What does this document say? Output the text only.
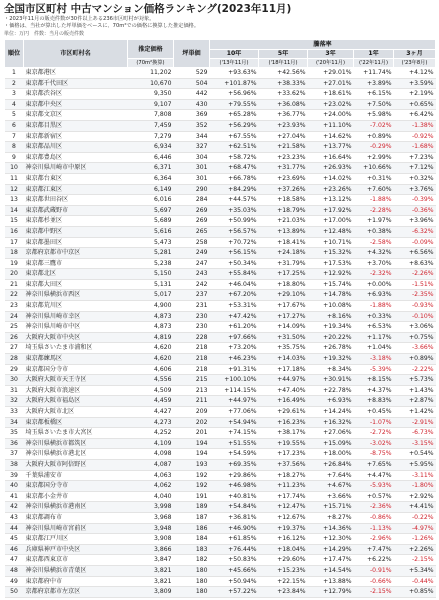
全国市区町村 中古マンション価格ランキング(2023年11月)
・2023年11月の販売件数が30件以上ある236市区町村が対象。
・価格は、当社が算出した坪単価をベースに、70m²での価格に換算した推定価格。
単位：万円　件数：当月の販売件数
順位	市区町村名	推定価格	坪単価	騰落率				
				10年	5年	3年	1年	3ヶ月
		(70m²換算)		('13年11月)	('18年11月)	('20年11月)	('22年11月)	('23年8月)
1	東京都港区	11,202	529	+93.63%	+42.56%	+29.01%	+11.74%	+4.12%
2	東京都千代田区	10,670	504	+101.87%	+38.33%	+27.01%	+3.89%	+3.59%
3	東京都渋谷区	9,350	442	+56.96%	+33.62%	+18.61%	+6.15%	+2.19%
4	東京都中央区	9,107	430	+79.55%	+36.08%	+23.02%	+7.50%	+0.65%
5	東京都文京区	7,808	369	+65.28%	+36.77%	+24.00%	+5.98%	+6.42%
6	東京都目黒区	7,459	352	+56.29%	+23.93%	+11.10%	-7.02%	-1.38%
7	東京都新宿区	7,279	344	+67.55%	+27.04%	+14.62%	+0.89%	-0.92%
8	東京都品川区	6,934	327	+62.51%	+21.58%	+13.77%	-0.29%	-1.68%
9	東京都豊島区	6,446	304	+58.72%	+23.23%	+16.64%	+2.99%	+7.23%
10	神奈川県川崎市中原区	6,371	301	+68.47%	+31.77%	+26.93%	+10.66%	+7.12%
11	東京都台東区	6,364	301	+66.78%	+23.69%	+14.02%	+0.31%	+0.32%
12	東京都江東区	6,149	290	+84.29%	+37.26%	+23.26%	+7.60%	+3.76%
13	東京都世田谷区	6,016	284	+44.57%	+18.58%	+13.12%	-1.88%	-0.39%
14	東京都武蔵野市	5,697	269	+35.03%	+18.79%	+17.92%	-2.28%	-0.36%
15	東京都杉並区	5,689	269	+50.99%	+21.03%	+17.00%	+1.97%	+3.96%
16	東京都中野区	5,616	265	+56.57%	+13.89%	+12.48%	+0.38%	-6.32%
17	東京都墨田区	5,473	258	+70.72%	+18.41%	+10.71%	-2.58%	-0.09%
18	京都府京都市中京区	5,281	249	+56.15%	+24.18%	+15.32%	+4.32%	+6.56%
19	東京都三鷹市	5,238	247	+50.34%	+31.79%	+17.53%	+3.70%	+8.63%
20	東京都北区	5,150	243	+55.84%	+17.25%	+12.92%	-2.32%	-2.26%
21	東京都大田区	5,131	242	+46.04%	+18.80%	+15.74%	+0.00%	-1.51%
22	神奈川県横浜市西区	5,017	237	+67.20%	+29.10%	+14.78%	+6.93%	-2.35%
23	東京都荒川区	4,900	231	+53.31%	+17.67%	+10.08%	-1.88%	-0.93%
24	神奈川県川崎市幸区	4,873	230	+47.42%	+17.27%	+8.16%	+0.33%	-0.10%
25	神奈川県川崎市中区	4,873	230	+61.20%	+14.09%	+19.34%	+6.53%	+3.06%
26	大阪府大阪市中央区	4,819	228	+97.66%	+31.50%	+20.22%	+1.17%	+0.75%
27	埼玉県さいたま市浦和区	4,620	218	+73.20%	+35.75%	+26.78%	+1.04%	-3.66%
28	東京都練馬区	4,620	218	+46.23%	+14.03%	+19.32%	-3.18%	+0.89%
29	東京都国分寺市	4,606	218	+91.31%	+17.18%	+8.34%	-5.39%	-2.22%
30	大阪府大阪市天王寺区	4,556	215	+100.10%	+44.97%	+30.91%	+8.15%	+5.73%
31	大阪府大阪市浪速区	4,509	213	+114.15%	+47.40%	+22.78%	+4.37%	+1.43%
32	大阪府大阪市福島区	4,459	211	+44.97%	+16.49%	+6.93%	+8.83%	+2.87%
33	大阪府大阪市北区	4,427	209	+77.06%	+29.61%	+14.24%	+0.45%	+1.42%
34	東京都板橋区	4,273	202	+54.94%	+16.23%	+16.32%	-1.07%	-2.91%
35	埼玉県さいたま市大宮区	4,252	201	+74.15%	+38.17%	+27.06%	-2.72%	-6.73%
36	神奈川県横浜市都筑区	4,109	194	+51.55%	+19.55%	+15.09%	-3.02%	-3.15%
37	神奈川県横浜市港北区	4,098	194	+54.59%	+17.23%	+18.00%	-8.75%	+0.54%
38	大阪府大阪市阿倍野区	4,087	193	+69.35%	+37.56%	+26.84%	+7.65%	+5.95%
39	千葉県浦安市	4,063	192	+29.86%	+18.27%	+7.64%	+4.47%	-3.11%
40	東京都国分寺市	4,062	192	+46.98%	+11.23%	+4.67%	-5.93%	-1.80%
41	東京都小金井市	4,040	191	+40.81%	+17.74%	+3.66%	+0.57%	+2.92%
42	神奈川県横浜市港南区	3,998	189	+54.84%	+12.47%	+15.71%	-2.36%	+4.41%
43	東京都調布市	3,968	187	+36.81%	+12.67%	+8.27%	-0.86%	-0.22%
44	神奈川県川崎市宮前区	3,948	186	+46.90%	+19.37%	+14.36%	-1.13%	-4.97%
45	東京都江戸川区	3,908	184	+61.85%	+16.12%	+12.30%	-2.96%	-1.26%
46	兵庫県神戸市中央区	3,866	183	+76.44%	+18.04%	+14.29%	+7.47%	+2.26%
47	東京都西東京市	3,847	182	+50.83%	+29.60%	+17.47%	+6.22%	-2.15%
48	神奈川県横浜市青葉区	3,821	180	+45.66%	+15.23%	+14.54%	-0.91%	+5.34%
49	東京都府中市	3,821	180	+50.94%	+22.15%	+13.88%	-0.66%	-0.44%
50	京都府京都市左京区	3,809	180	+57.22%	+23.84%	+12.79%	-2.15%	+0.85%
